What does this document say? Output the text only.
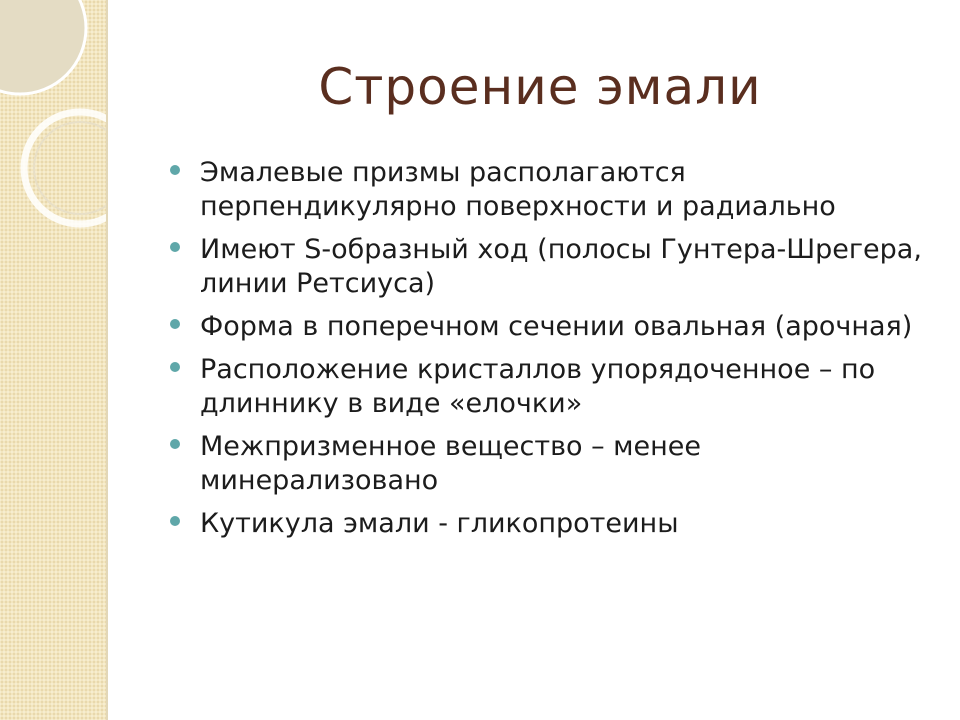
Строение эмали
Эмалевые призмы располагаются перпендикулярно поверхности и радиально
Имеют S-образный ход (полосы Гунтера-Шрегера, линии Ретсиуса)
Форма в поперечном сечении овальная (арочная)
Расположение кристаллов упорядоченное – по длиннику в виде «елочки»
Межпризменное вещество – менее минерализовано
Кутикула эмали - гликопротеины
